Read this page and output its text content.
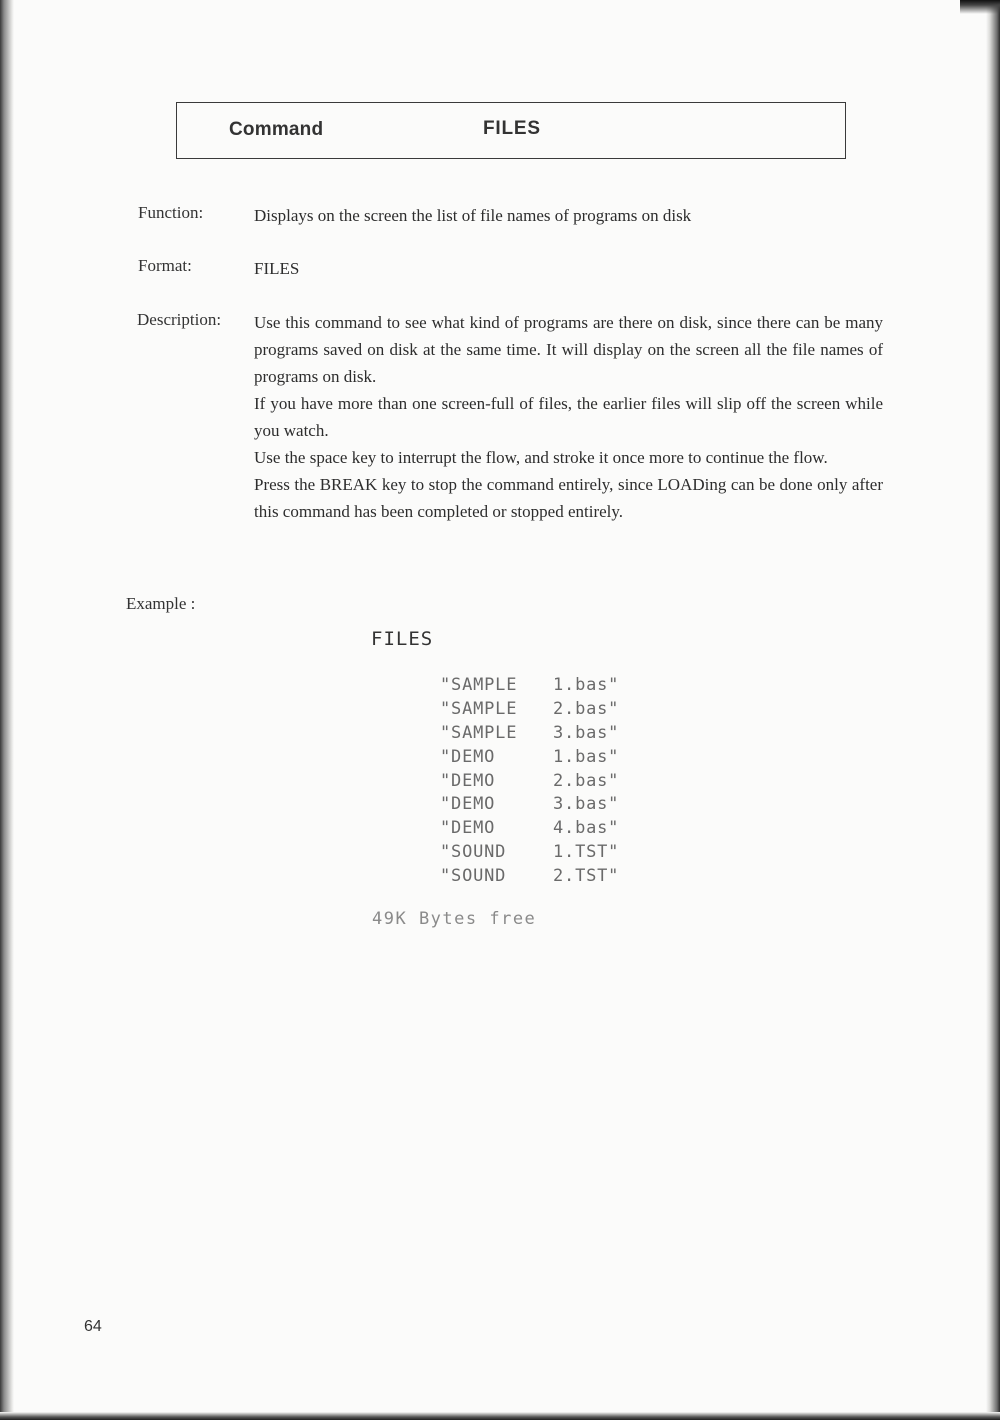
Command	FILES
Function:	Displays on the screen the list of file names of programs on disk
Format:	FILES
Description: Use this command to see what kind of programs are there on disk, since there can be many programs saved on disk at the same time. It will display on the screen all the file names of programs on disk.
If you have more than one screen-full of files, the earlier files will slip off the screen while you watch.
Use the space key to interrupt the flow, and stroke it once more to continue the flow.
Press the BREAK key to stop the command entirely, since LOADing can be done only after this command has been completed or stopped entirely.
Example :
FILES
"SAMPLE 1.bas"
"SAMPLE 2.bas"
"SAMPLE 3.bas"
"DEMO	1.bas"
"DEMO	2.bas"
"DEMO	3.bas"
"DEMO	4.bas"
"SOUND	1.TST"
"SOUND	2.TST"
49K Bytes free
64
